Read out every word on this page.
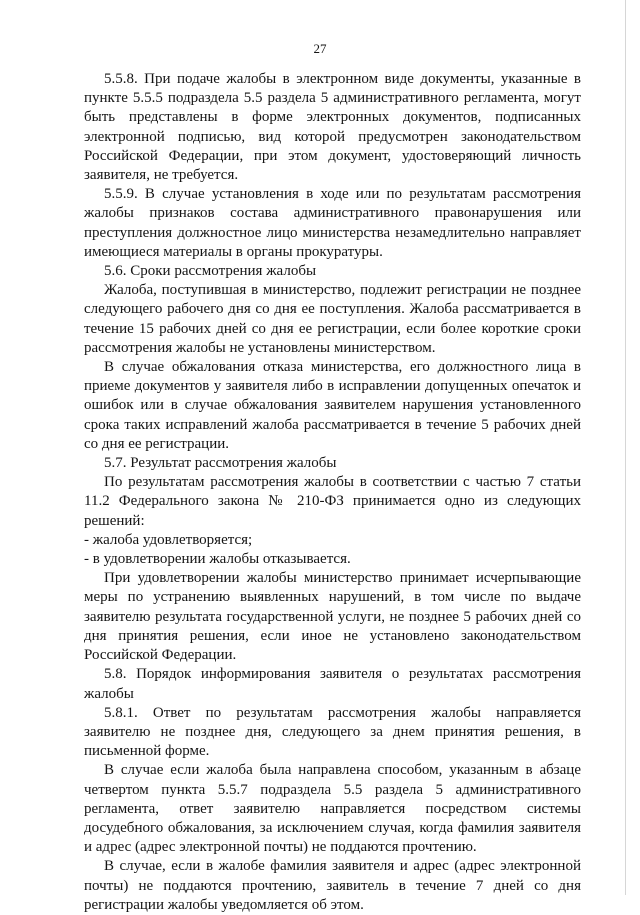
27

5.5.8. При подаче жалобы в электронном виде документы, указанные в пункте 5.5.5 подраздела 5.5 раздела 5 административного регламента, могут быть представлены в форме электронных документов, подписанных электронной подписью, вид которой предусмотрен законодательством Российской Федерации, при этом документ, удостоверяющий личность заявителя, не требуется.

5.5.9. В случае установления в ходе или по результатам рассмотрения жалобы признаков состава административного правонарушения или преступления должностное лицо министерства незамедлительно направляет имеющиеся материалы в органы прокуратуры.

5.6. Сроки рассмотрения жалобы

Жалоба, поступившая в министерство, подлежит регистрации не позднее следующего рабочего дня со дня ее поступления. Жалоба рассматривается в течение 15 рабочих дней со дня ее регистрации, если более короткие сроки рассмотрения жалобы не установлены министерством.

В случае обжалования отказа министерства, его должностного лица в приеме документов у заявителя либо в исправлении допущенных опечаток и ошибок или в случае обжалования заявителем нарушения установленного срока таких исправлений жалоба рассматривается в течение 5 рабочих дней со дня ее регистрации.

5.7. Результат рассмотрения жалобы

По результатам рассмотрения жалобы в соответствии с частью 7 статьи 11.2 Федерального закона № 210-ФЗ принимается одно из следующих решений:

- жалоба удовлетворяется;

- в удовлетворении жалобы отказывается.

При удовлетворении жалобы министерство принимает исчерпывающие меры по устранению выявленных нарушений, в том числе по выдаче заявителю результата государственной услуги, не позднее 5 рабочих дней со дня принятия решения, если иное не установлено законодательством Российской Федерации.

5.8. Порядок информирования заявителя о результатах рассмотрения жалобы

5.8.1. Ответ по результатам рассмотрения жалобы направляется заявителю не позднее дня, следующего за днем принятия решения, в письменной форме.

В случае если жалоба была направлена способом, указанным в абзаце четвертом пункта 5.5.7 подраздела 5.5 раздела 5 административного регламента, ответ заявителю направляется посредством системы досудебного обжалования, за исключением случая, когда фамилия заявителя и адрес (адрес электронной почты) не поддаются прочтению.

В случае, если в жалобе фамилия заявителя и адрес (адрес электронной почты) не поддаются прочтению, заявитель в течение 7 дней со дня регистрации жалобы уведомляется об этом.
